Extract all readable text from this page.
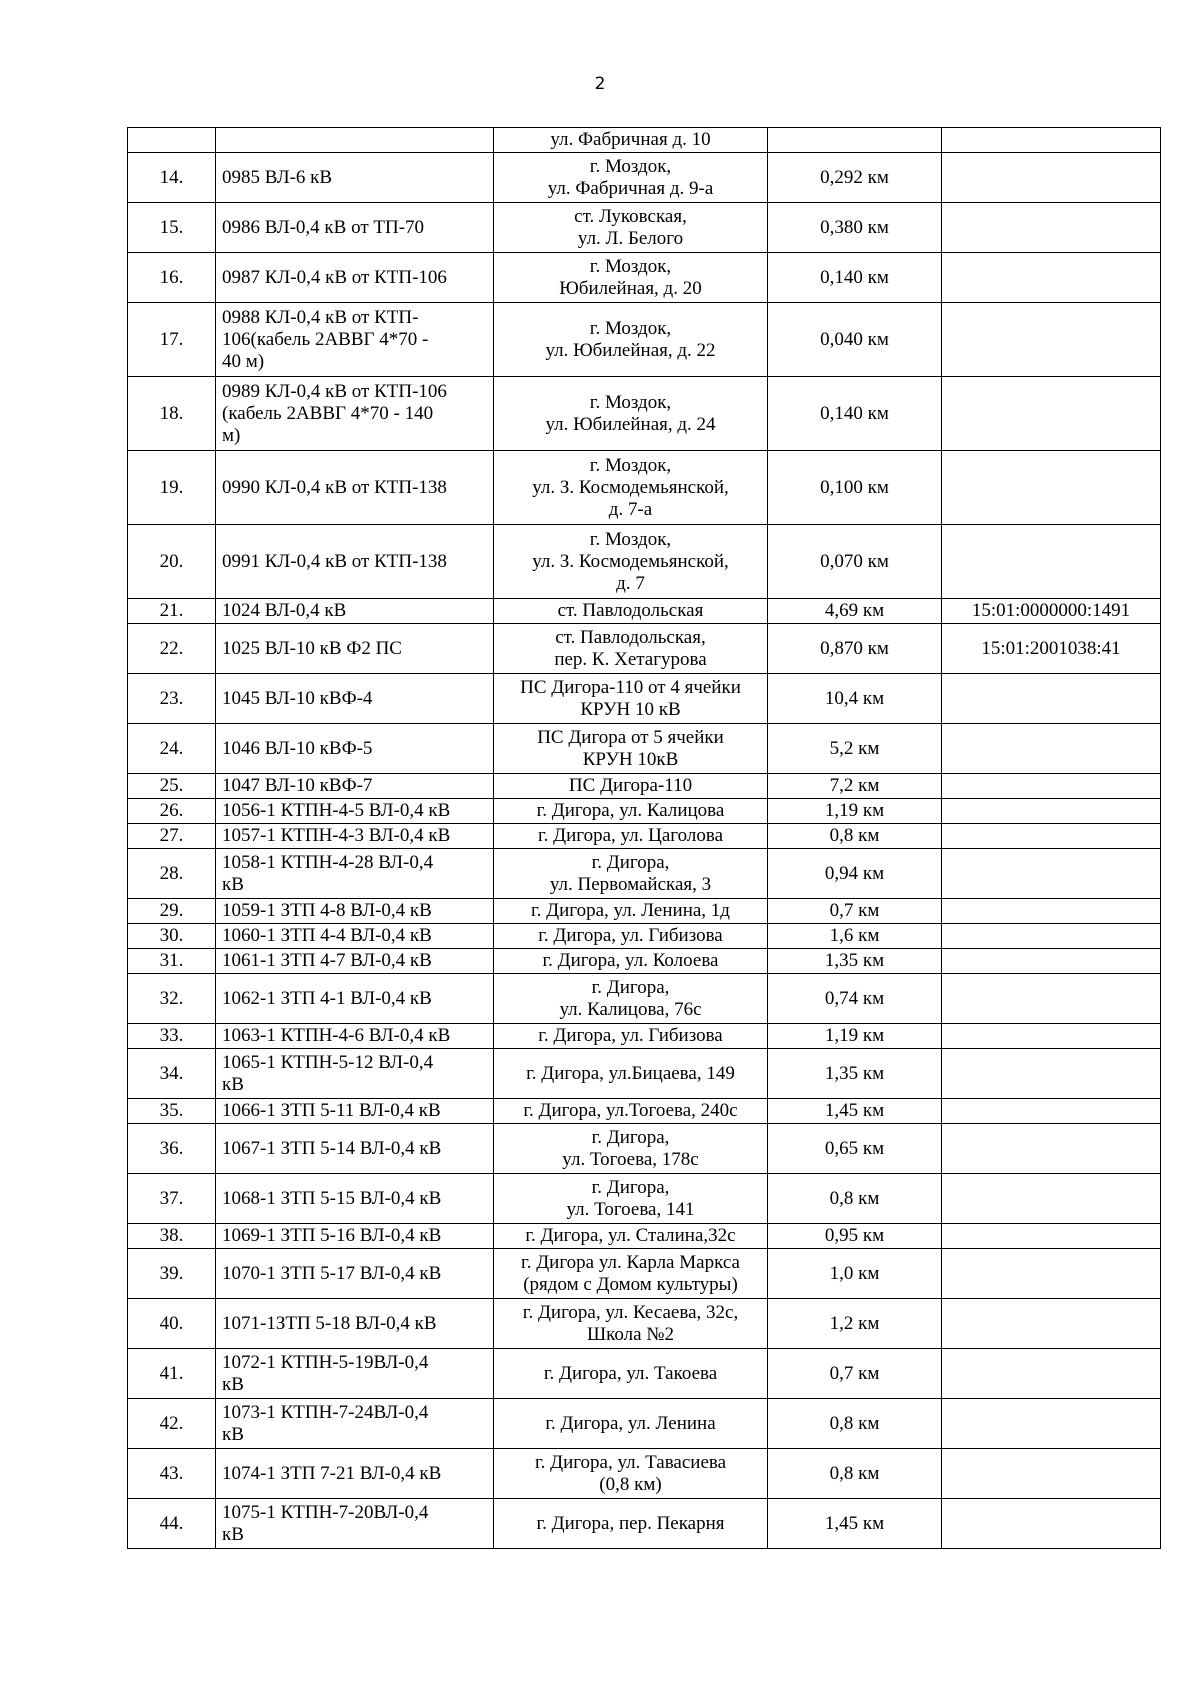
2
		ул. Фабричная д. 10		
14.	0985 ВЛ-6 кВ	г. Моздок,
ул. Фабричная д. 9-а	0,292 км	
15.	0986 ВЛ-0,4 кВ от ТП-70	ст. Луковская,
ул. Л. Белого	0,380 км	
16.	0987 КЛ-0,4 кВ от КТП-106	г. Моздок,
Юбилейная, д. 20	0,140 км	
17.	0988 КЛ-0,4 кВ от КТП-
106(кабель 2АВВГ 4*70 -
40 м)	г. Моздок,
ул. Юбилейная, д. 22	0,040 км	
18.	0989 КЛ-0,4 кВ от КТП-106
(кабель 2АВВГ 4*70 - 140
м)	г. Моздок,
ул. Юбилейная, д. 24	0,140 км	
19.	0990 КЛ-0,4 кВ от КТП-138	г. Моздок,
ул. З. Космодемьянской,
д. 7-а	0,100 км	
20.	0991 КЛ-0,4 кВ от КТП-138	г. Моздок,
ул. З. Космодемьянской,
д. 7	0,070 км	
21.	1024 ВЛ-0,4 кВ	ст. Павлодольская	4,69 км	15:01:0000000:1491
22.	1025 ВЛ-10 кВ Ф2 ПС	ст. Павлодольская,
пер. К. Хетагурова	0,870 км	15:01:2001038:41
23.	1045 ВЛ-10 кВФ-4	ПС Дигора-110 от 4 ячейки
КРУН 10 кВ	10,4 км	
24.	1046 ВЛ-10 кВФ-5	ПС Дигора от 5 ячейки
КРУН 10кВ	5,2 км	
25.	1047 ВЛ-10 кВФ-7	ПС Дигора-110	7,2 км	
26.	1056-1 КТПН-4-5 ВЛ-0,4 кВ	г. Дигора, ул. Калицова	1,19 км	
27.	1057-1 КТПН-4-3 ВЛ-0,4 кВ	г. Дигора, ул. Цаголова	0,8 км	
28.	1058-1 КТПН-4-28 ВЛ-0,4
кВ	г. Дигора,
ул. Первомайская, 3	0,94 км	
29.	1059-1 ЗТП 4-8 ВЛ-0,4 кВ	г. Дигора, ул. Ленина, 1д	0,7 км	
30.	1060-1 ЗТП 4-4 ВЛ-0,4 кВ	г. Дигора, ул. Гибизова	1,6 км	
31.	1061-1 ЗТП 4-7 ВЛ-0,4 кВ	г. Дигора, ул. Колоева	1,35 км	
32.	1062-1 ЗТП 4-1 ВЛ-0,4 кВ	г. Дигора,
ул. Калицова, 76с	0,74 км	
33.	1063-1 КТПН-4-6 ВЛ-0,4 кВ	г. Дигора, ул. Гибизова	1,19 км	
34.	1065-1 КТПН-5-12 ВЛ-0,4
кВ	г. Дигора, ул.Бицаева, 149	1,35 км	
35.	1066-1 ЗТП 5-11 ВЛ-0,4 кВ	г. Дигора, ул.Тогоева, 240с	1,45 км	
36.	1067-1 ЗТП 5-14 ВЛ-0,4 кВ	г. Дигора,
ул. Тогоева, 178с	0,65 км	
37.	1068-1 ЗТП 5-15 ВЛ-0,4 кВ	г. Дигора,
ул. Тогоева, 141	0,8 км	
38.	1069-1 ЗТП 5-16 ВЛ-0,4 кВ	г. Дигора, ул. Сталина,32с	0,95 км	
39.	1070-1 ЗТП 5-17 ВЛ-0,4 кВ	г. Дигора ул. Карла Маркса
(рядом с Домом культуры)	1,0 км	
40.	1071-1ЗТП 5-18 ВЛ-0,4 кВ	г. Дигора, ул. Кесаева, 32с,
Школа №2	1,2 км	
41.	1072-1 КТПН-5-19ВЛ-0,4
кВ	г. Дигора, ул. Такоева	0,7 км	
42.	1073-1 КТПН-7-24ВЛ-0,4
кВ	г. Дигора, ул. Ленина	0,8 км	
43.	1074-1 ЗТП 7-21 ВЛ-0,4 кВ	г. Дигора, ул. Тавасиева
(0,8 км)	0,8 км	
44.	1075-1 КТПН-7-20ВЛ-0,4
кВ	г. Дигора, пер. Пекарня	1,45 км	
